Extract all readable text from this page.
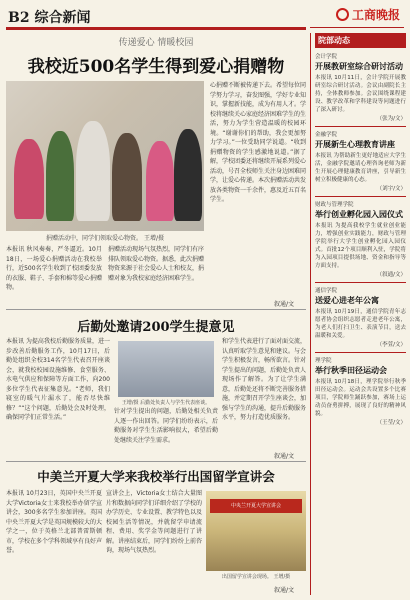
B2 综合新闻	工商晚报
传递爱心 情暖校园
我校近500名学生得到爱心捐赠物
捐赠活动中，同学们领取爱心物资。 王增/摄
心捐赠不断被传递下去。希望每位同学努力学习，奋发图强，学好专业知识，掌握新技能，成为有用人才。学校将继续关心家庭经济困难学生的生活，努力为学生营造温暖的校园环境。“谢谢你们的帮助，我会更加努力学习。”一位受助同学说道。“收到捐赠物资的学生感激地说道。”据了解，学校团委还将继续开展系列爱心活动，号召全校师生关注身边困难同学，让爱心传递。本次捐赠活动共发放各类物资一千余件，惠及近五百名学生。
本报讯 秋风奏奏，严冬逼近。10月18日，一场爱心捐赠活动在我校举行，近500名学生收到了校团委发放的衣服、鞋子、手套和棉等爱心捐赠物。
捐赠活动现场气氛热烈，同学们有序排队领取爱心物资。据悉，此次捐赠物资来源于社会爱心人士和校友，捐赠对象为我校家庭经济困难学生。
叙通/文
后勤处邀请200学生提意见
本报讯 为提高我校后勤服务质量，进一步改善后勤服务工作，10月17日，后勤处组织全校314名学生代表召开座谈会，就我校校园设施维修、食堂服务、水电气供应和保障等方面工作，向200多位学生代表征集意见。“老师，我们寝室的暖气片漏水了，能否尽快维修？”“这个问题，后勤处会及时处理，确保同学们正常生活。”
王增/摄 后勤处负责人与学生代表座谈。
针对学生提出的问题，后勤处相关负责人逐一作出回答。同学们纷纷表示，后勤服务对学生生活影响很大，希望后勤处继续关注学生需求。
和学生代表进行了面对面交流，认真听取学生意见和建议。与会学生积极发言，畅所欲言。针对学生提出的问题，后勤处负责人现场作了解答。为了让学生满意，后勤处还将不断完善服务措施，并定期召开学生座谈会，加强与学生的沟通，提升后勤服务水平，努力打造优质服务。
叙通/文
中美兰开夏大学来我校举行出国留学宣讲会
本报讯 10月23日，英国中央兰开夏大学Victoria女士来我校举办留学宣讲会，300多名学生参加讲座。英国中央兰开夏大学是英国规模较大的大学之一，位于英格兰北部普雷斯顿市，学校在多个学科领域享有良好声誉。
宣讲会上，Victoria女士结合大量图片和数据向同学们详细介绍了学校的办学历史、专业设置、教学特色以及校园生活等情况，并就留学申请流程、费用、奖学金等问题进行了讲解。讲座结束后，同学们纷纷上前咨询，现场气氛热烈。
中央兰开夏大学宣讲会
出国留学宣讲会现场。 王增/摄
叙通/文
院部动态
会计学院
开展教研室综合研讨活动
本报讯 10月11日，会计学院开展教研室综合研讨活动。会议由副院长主持，全体教师参加。会议围绕课程建设、教学改革和学科建设等问题进行了深入研讨。
（张为/文）
金融学院
开展新生心理教育讲座
本报讯 为帮助新生更好地适应大学生活，金融学院邀请心理咨询老师为新生开展心理健康教育讲座，引导新生树立积极健康的心态。
（刘宇/文）
财政与管理学院
举行创业孵化园入园仪式
本报讯 为提高我校学生就业创业能力，增强创业实践能力，财政与管理学院举行大学生创业孵化园入园仪式。首批12个项目顺利入驻，学院将为入园项目提供场地、资金和指导等方面支持。
（叙通/文）
通信学院
送爱心进老年公寓
本报讯 10月19日，通信学院青年志愿者协会组织志愿者走进老年公寓，为老人们打扫卫生、表演节目，送去温暖和关爱。
（李萱/文）
理学院
举行秋季田径运动会
本报讯 10月18日，理学院举行秋季田径运动会。运动会共设置多个比赛项目，学院师生踊跃参加，赛场上运动员奋勇拼搏，展现了良好的精神风貌。
（王莹/文）
